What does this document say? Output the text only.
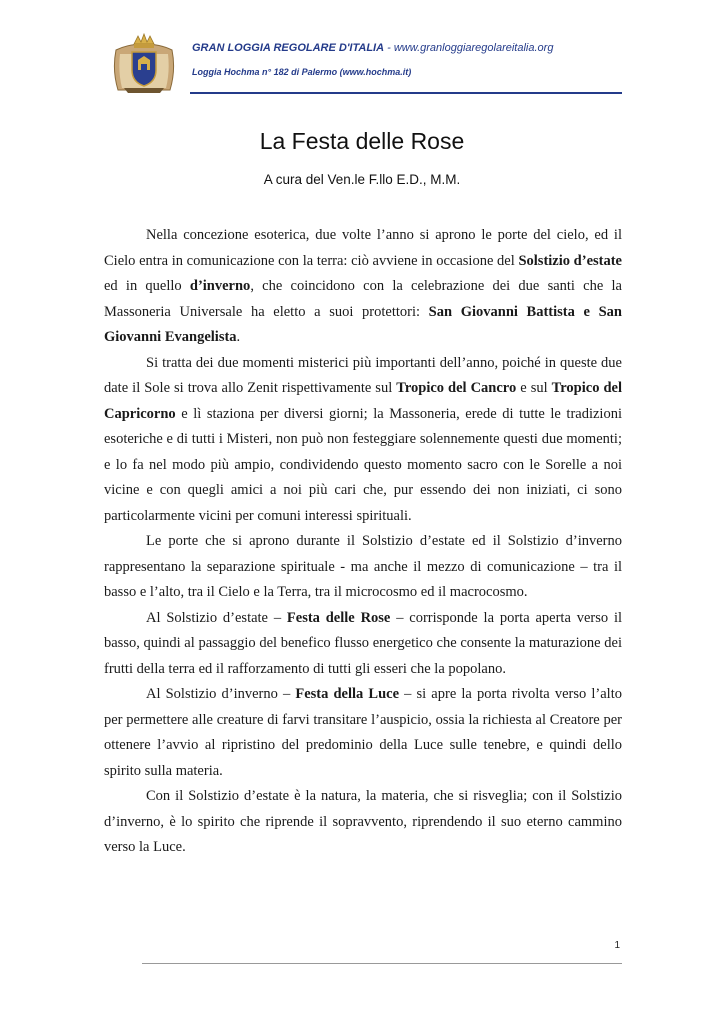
GRAN LOGGIA REGOLARE D'ITALIA - www.granloggiaregolareitalia.org
Loggia Hochma n° 182 di Palermo (www.hochma.it)
La Festa delle Rose
A cura del Ven.le F.llo E.D., M.M.

Nella concezione esoterica, due volte l’anno si aprono le porte del cielo, ed il Cielo entra in comunicazione con la terra: ciò avviene in occasione del Solstizio d’estate ed in quello d’inverno, che coincidono con la celebrazione dei due santi che la Massoneria Universale ha eletto a suoi protettori: San Giovanni Battista e San Giovanni Evangelista.

Si tratta dei due momenti misterici più importanti dell’anno, poiché in queste due date il Sole si trova allo Zenit rispettivamente sul Tropico del Cancro e sul Tropico del Capricorno e lì staziona per diversi giorni; la Massoneria, erede di tutte le tradizioni esoteriche e di tutti i Misteri, non può non festeggiare solennemente questi due momenti; e lo fa nel modo più ampio, condividendo questo momento sacro con le Sorelle a noi vicine e con quegli amici a noi più cari che, pur essendo dei non iniziati, ci sono particolarmente vicini per comuni interessi spirituali.

Le porte che si aprono durante il Solstizio d’estate ed il Solstizio d’inverno rappresentano la separazione spirituale - ma anche il mezzo di comunicazione – tra il basso e l’alto, tra il Cielo e la Terra, tra il microcosmo ed il macrocosmo.

Al Solstizio d’estate – Festa delle Rose – corrisponde la porta aperta verso il basso, quindi al passaggio del benefico flusso energetico che consente la maturazione dei frutti della terra ed il rafforzamento di tutti gli esseri che la popolano.

Al Solstizio d’inverno – Festa della Luce – si apre la porta rivolta verso l’alto per permettere alle creature di farvi transitare l’auspicio, ossia la richiesta al Creatore per ottenere l’avvio al ripristino del predominio della Luce sulle tenebre, e quindi dello spirito sulla materia.

Con il Solstizio d’estate è la natura, la materia, che si risveglia; con il Solstizio d’inverno, è lo spirito che riprende il sopravvento, riprendendo il suo eterno cammino verso la Luce.

1
